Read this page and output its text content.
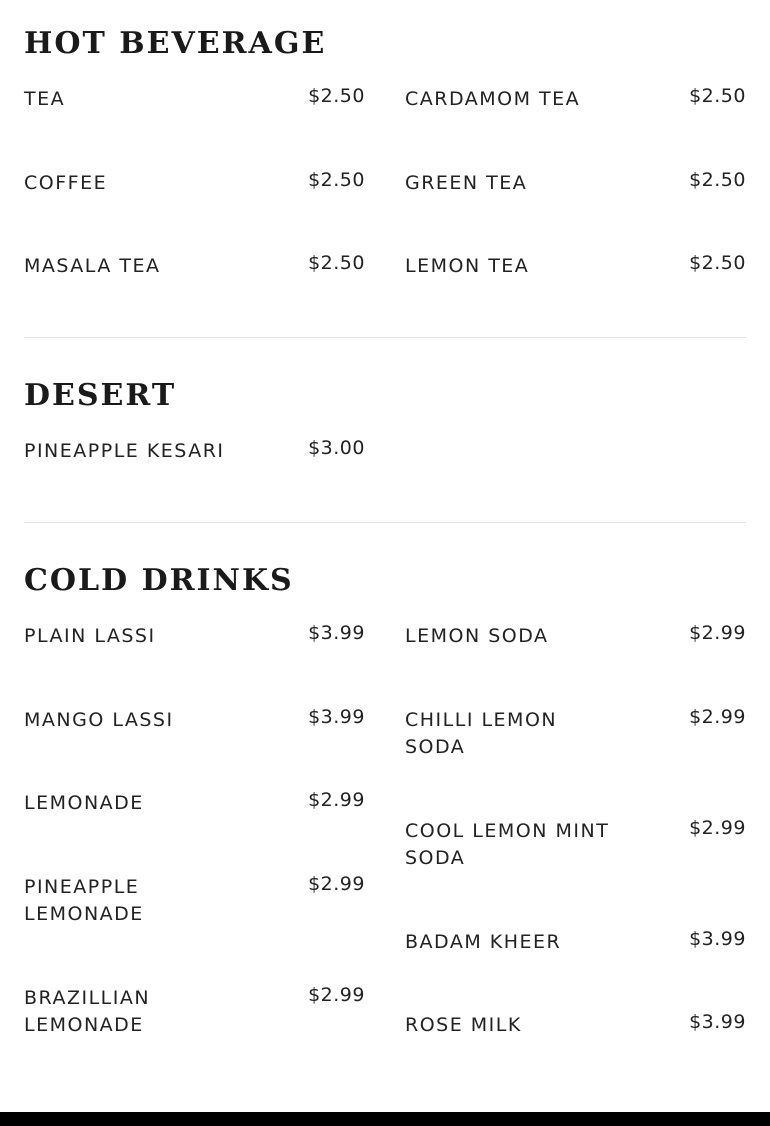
HOT BEVERAGE
TEA	$2.50
COFFEE	$2.50
MASALA TEA	$2.50
CARDAMOM TEA	$2.50
GREEN TEA	$2.50
LEMON TEA	$2.50
DESERT
PINEAPPLE KESARI	$3.00
COLD DRINKS
PLAIN LASSI	$3.99
MANGO LASSI	$3.99
LEMONADE	$2.99
PINEAPPLE LEMONADE
$2.99
BRAZILLIAN LEMONADE
$2.99
LEMON SODA	$2.99
CHILLI LEMON SODA
$2.99
COOL LEMON MINT SODA
$2.99
BADAM KHEER	$3.99
ROSE MILK	$3.99
